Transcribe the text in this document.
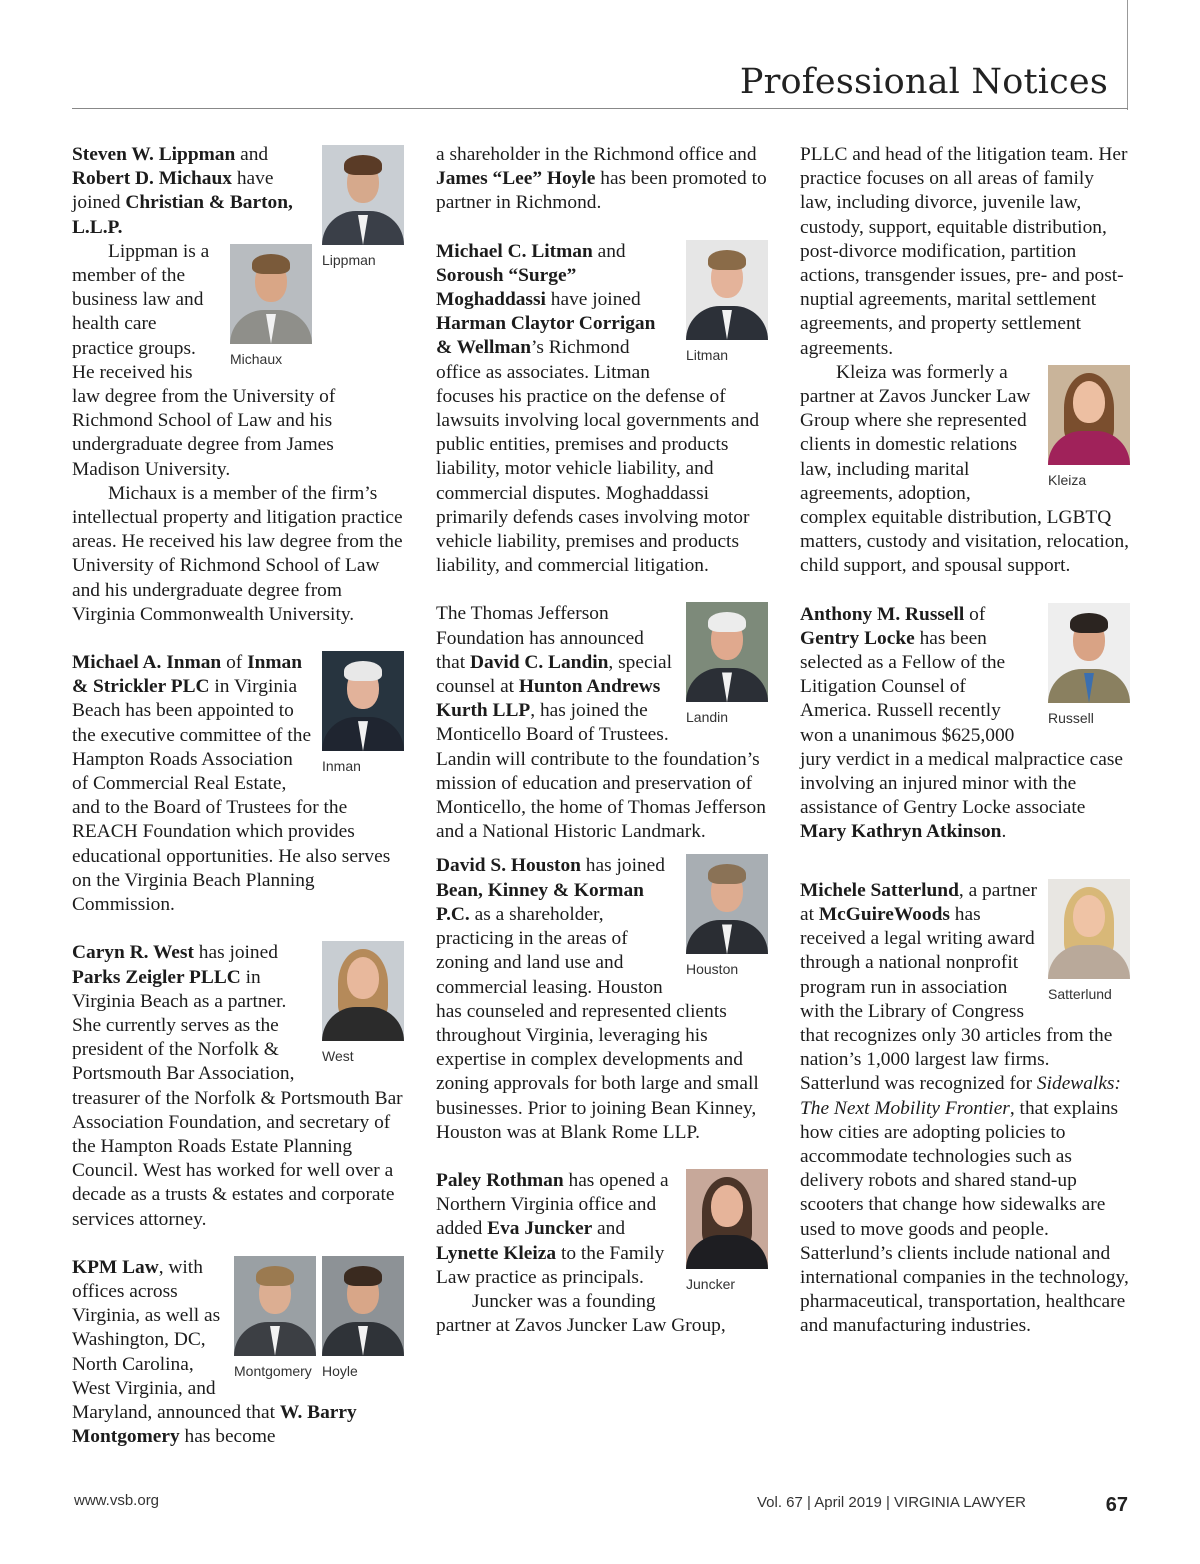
Professional Notices
Lippman

Steven W. Lippman and Robert D. Michaux have joined Christian & Barton, L.L.P.

Michaux

Lippman is a member of the business law and health care practice groups. He received his law degree from the University of Richmond School of Law and his undergraduate degree from James Madison University.

Michaux is a member of the firm’s intellectual property and litigation practice areas. He received his law degree from the University of Richmond School of Law and his undergraduate degree from Virginia Commonwealth University.

Inman

Michael A. Inman of Inman & Strickler PLC in Virginia Beach has been appointed to the executive committee of the Hampton Roads Association of Commercial Real Estate, and to the Board of Trustees for the REACH Foundation which provides educational opportunities. He also serves on the Virginia Beach Planning Commission.

West

Caryn R. West has joined Parks Zeigler PLLC in Virginia Beach as a partner. She currently serves as the president of the Norfolk & Portsmouth Bar Association, treasurer of the Norfolk & Portsmouth Bar Association Foundation, and secretary of the Hampton Roads Estate Planning Council. West has worked for well over a decade as a trusts & estates and corporate services attorney.

Montgomery Hoyle

KPM Law, with offices across Virginia, as well as Washington, DC, North Carolina, West Virginia, and Maryland, announced that W. Barry Montgomery has become

a shareholder in the Richmond office and James “Lee” Hoyle has been promoted to partner in Richmond.

Litman

Michael C. Litman and Soroush “Surge” Moghaddassi have joined Harman Claytor Corrigan & Wellman’s Richmond office as associates. Litman focuses his practice on the defense of lawsuits involving local governments and public entities, premises and products liability, motor vehicle liability, and commercial disputes. Moghaddassi primarily defends cases involving motor vehicle liability, premises and products liability, and commercial litigation.

Landin

The Thomas Jefferson Foundation has announced that David C. Landin, special counsel at Hunton Andrews Kurth LLP, has joined the Monticello Board of Trustees. Landin will contribute to the foundation’s mission of education and preservation of Monticello, the home of Thomas Jefferson and a National Historic Landmark.

Houston

David S. Houston has joined Bean, Kinney & Korman P.C. as a shareholder, practicing in the areas of zoning and land use and commercial leasing. Houston has counseled and represented clients throughout Virginia, leveraging his expertise in complex developments and zoning approvals for both large and small businesses. Prior to joining Bean Kinney, Houston was at Blank Rome LLP.

Juncker

Paley Rothman has opened a Northern Virginia office and added Eva Juncker and Lynette Kleiza to the Family Law practice as principals.

Juncker was a founding partner at Zavos Juncker Law Group,

PLLC and head of the litigation team. Her practice focuses on all areas of family law, including divorce, juvenile law, custody, support, equitable distribution, post-divorce modification, partition actions, transgender issues, pre- and post-nuptial agreements, marital settlement agreements, and property settlement agreements.

Kleiza

Kleiza was formerly a partner at Zavos Juncker Law Group where she represented clients in domestic relations law, including marital agreements, adoption, complex equitable distribution, LGBTQ matters, custody and visitation, relocation, child support, and spousal support.

Russell

Anthony M. Russell of Gentry Locke has been selected as a Fellow of the Litigation Counsel of America. Russell recently won a unanimous $625,000 jury verdict in a medical malpractice case involving an injured minor with the assistance of Gentry Locke associate Mary Kathryn Atkinson.

Satterlund

Michele Satterlund, a partner at McGuireWoods has received a legal writing award through a national nonprofit program run in association with the Library of Congress that recognizes only 30 articles from the nation’s 1,000 largest law firms. Satterlund was recognized for Sidewalks: The Next Mobility Frontier, that explains how cities are adopting policies to accommodate technologies such as delivery robots and shared stand-up scooters that change how sidewalks are used to move goods and people. Satterlund’s clients include national and international companies in the technology, pharmaceutical, transportation, healthcare and manufacturing industries.

www.vsb.org	Vol. 67 | April 2019 | VIRGINIA LAWYER	67
